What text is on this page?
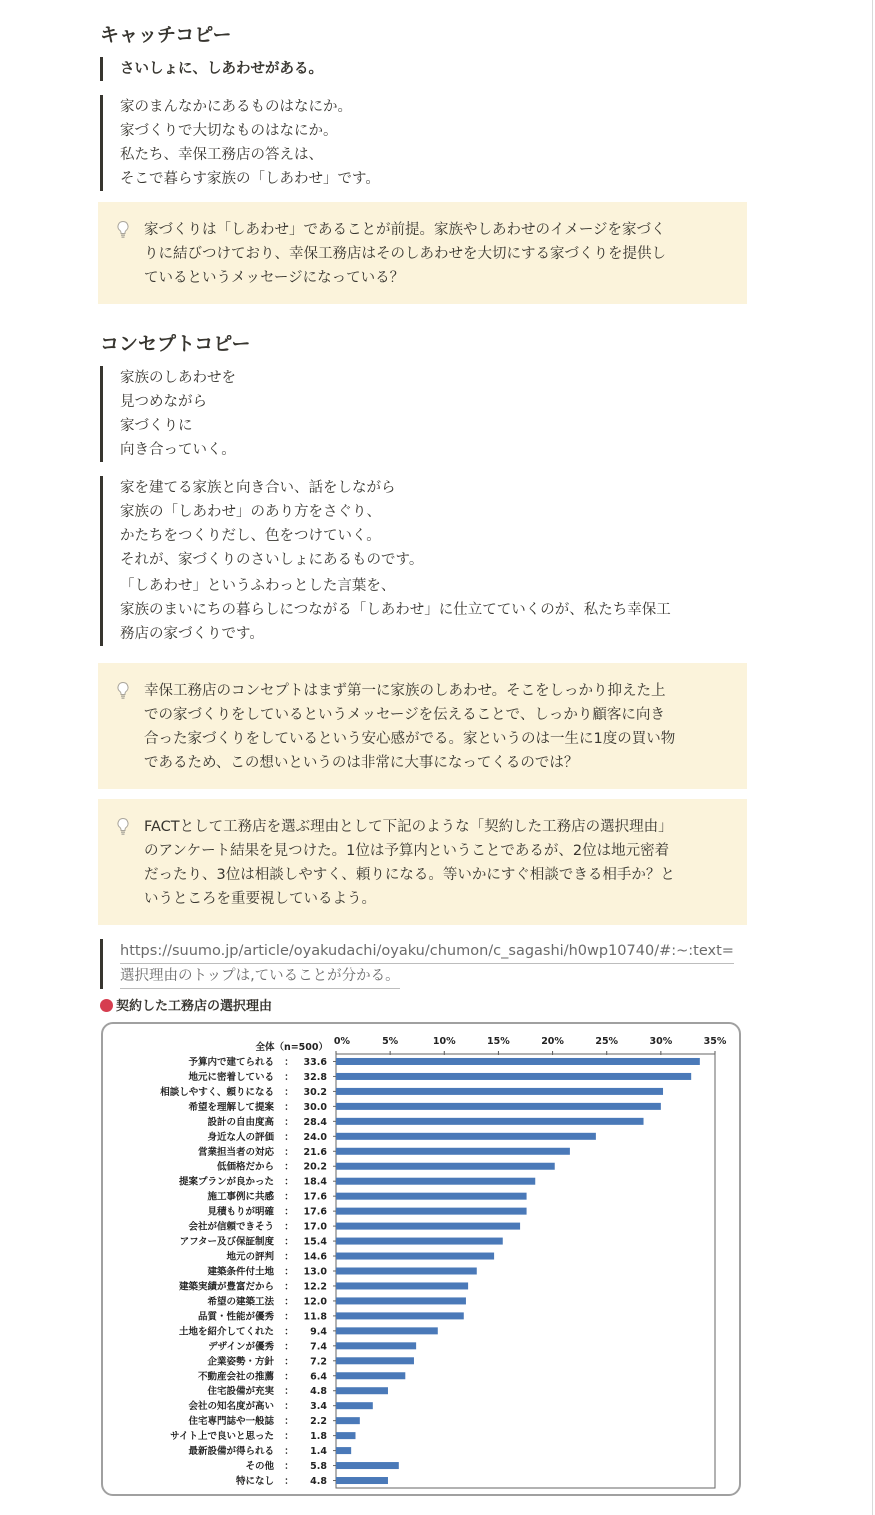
キャッチコピー
さいしょに、しあわせがある。
家のまんなかにあるものはなにか。
家づくりで大切なものはなにか。
私たち、幸保工務店の答えは、
そこで暮らす家族の「しあわせ」です。
家づくりは「しあわせ」であることが前提。家族やしあわせのイメージを家づく
りに結びつけており、幸保工務店はそのしあわせを大切にする家づくりを提供し
ているというメッセージになっている？
コンセプトコピー
家族のしあわせを
見つめながら
家づくりに
向き合っていく。
家を建てる家族と向き合い、話をしながら
家族の「しあわせ」のあり方をさぐり、
かたちをつくりだし、色をつけていく。
それが、家づくりのさいしょにあるものです。
「しあわせ」というふわっとした言葉を、
家族のまいにちの暮らしにつながる「しあわせ」に仕立てていくのが、私たち幸保工
務店の家づくりです。
幸保工務店のコンセプトはまず第一に家族のしあわせ。そこをしっかり抑えた上
での家づくりをしているというメッセージを伝えることで、しっかり顧客に向き
合った家づくりをしているという安心感がでる。家というのは一生に1度の買い物
であるため、この想いというのは非常に大事になってくるのでは？
FACTとして工務店を選ぶ理由として下記のような「契約した工務店の選択理由」
のアンケート結果を見つけた。1位は予算内ということであるが、2位は地元密着
だったり、3位は相談しやすく、頼りになる。等いかにすぐ相談できる相手か？と
いうところを重要視しているよう。
https://suumo.jp/article/oyakudachi/oyaku/chumon/c_sagashi/h0wp10740/#:~:text=
選択理由のトップは,ていることが分かる。
契約した工務店の選択理由
全体（n=500）
0%	5%	10%	15%	20%	25%	30%	35%
予算内で建てられる ： 33.6
地元に密着している ： 32.8
相談しやすく、頼りになる ： 30.2
希望を理解して提案 ： 30.0
設計の自由度高 ： 28.4
身近な人の評価 ： 24.0
営業担当者の対応 ： 21.6
低価格だから ： 20.2
提案プランが良かった ： 18.4
施工事例に共感 ： 17.6
見積もりが明確 ： 17.6
会社が信頼できそう ： 17.0
アフター及び保証制度 ： 15.4
地元の評判 ： 14.6
建築条件付土地 ： 13.0
建築実績が豊富だから ： 12.2
希望の建築工法 ： 12.0
品質・性能が優秀 ： 11.8
土地を紹介してくれた ： 9.4
デザインが優秀 ： 7.4
企業姿勢・方針 ： 7.2
不動産会社の推薦 ： 6.4
住宅設備が充実 ： 4.8
会社の知名度が高い ： 3.4
住宅専門誌や一般誌 ： 2.2
サイト上で良いと思った ： 1.8
最新設備が得られる ： 1.4
その他 ： 5.8
特になし ： 4.8
